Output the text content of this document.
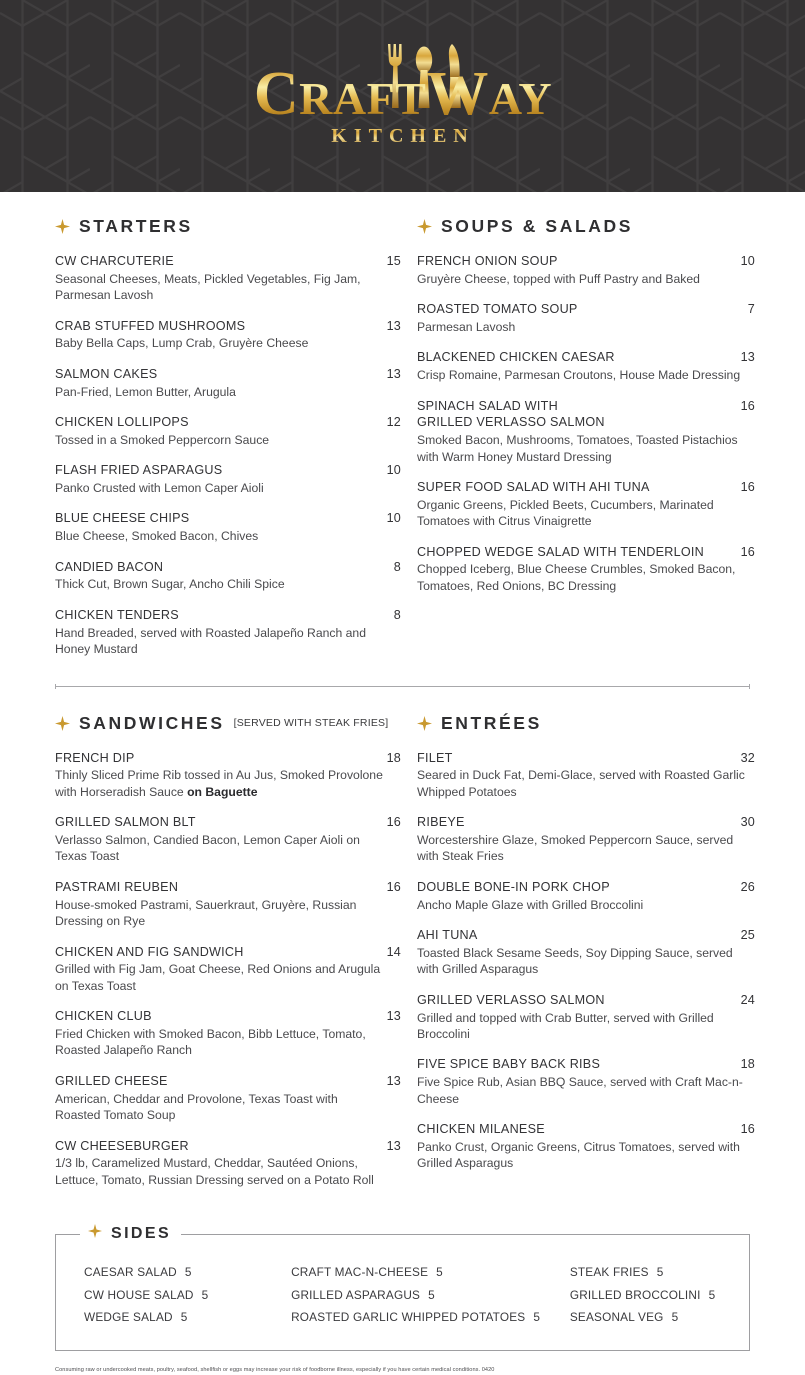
CRAFTWAY
KITCHEN
STARTERS
CW CHARCUTERIE	15
Seasonal Cheeses, Meats, Pickled Vegetables, Fig Jam, Parmesan Lavosh
CRAB STUFFED MUSHROOMS	13
Baby Bella Caps, Lump Crab, Gruyère Cheese
SALMON CAKES	13
Pan-Fried, Lemon Butter, Arugula
CHICKEN LOLLIPOPS	12
Tossed in a Smoked Peppercorn Sauce
FLASH FRIED ASPARAGUS	10
Panko Crusted with Lemon Caper Aioli
BLUE CHEESE CHIPS	10
Blue Cheese, Smoked Bacon, Chives
CANDIED BACON	8
Thick Cut, Brown Sugar, Ancho Chili Spice
CHICKEN TENDERS	8
Hand Breaded, served with Roasted Jalapeño Ranch and Honey Mustard
SOUPS & SALADS
FRENCH ONION SOUP	10
Gruyère Cheese, topped with Puff Pastry and Baked
ROASTED TOMATO SOUP	7
Parmesan Lavosh
BLACKENED CHICKEN CAESAR	13
Crisp Romaine, Parmesan Croutons, House Made Dressing
SPINACH SALAD WITH	16
GRILLED VERLASSO SALMON
Smoked Bacon, Mushrooms, Tomatoes, Toasted Pistachios with Warm Honey Mustard Dressing
SUPER FOOD SALAD WITH AHI TUNA	16
Organic Greens, Pickled Beets, Cucumbers, Marinated Tomatoes with Citrus Vinaigrette
CHOPPED WEDGE SALAD WITH TENDERLOIN	16
Chopped Iceberg, Blue Cheese Crumbles, Smoked Bacon, Tomatoes, Red Onions, BC Dressing
SANDWICHES [SERVED WITH STEAK FRIES]
FRENCH DIP	18
Thinly Sliced Prime Rib tossed in Au Jus, Smoked Provolone with Horseradish Sauce on Baguette
GRILLED SALMON BLT	16
Verlasso Salmon, Candied Bacon, Lemon Caper Aioli on Texas Toast
PASTRAMI REUBEN	16
House-smoked Pastrami, Sauerkraut, Gruyère, Russian Dressing on Rye
CHICKEN AND FIG SANDWICH	14
Grilled with Fig Jam, Goat Cheese, Red Onions and Arugula on Texas Toast
CHICKEN CLUB	13
Fried Chicken with Smoked Bacon, Bibb Lettuce, Tomato, Roasted Jalapeño Ranch
GRILLED CHEESE	13
American, Cheddar and Provolone, Texas Toast with Roasted Tomato Soup
CW CHEESEBURGER	13
1/3 lb, Caramelized Mustard, Cheddar, Sautéed Onions, Lettuce, Tomato, Russian Dressing served on a Potato Roll
ENTRÉES
FILET	32
Seared in Duck Fat, Demi-Glace, served with Roasted Garlic Whipped Potatoes
RIBEYE	30
Worcestershire Glaze, Smoked Peppercorn Sauce, served with Steak Fries
DOUBLE BONE-IN PORK CHOP	26
Ancho Maple Glaze with Grilled Broccolini
AHI TUNA	25
Toasted Black Sesame Seeds, Soy Dipping Sauce, served with Grilled Asparagus
GRILLED VERLASSO SALMON	24
Grilled and topped with Crab Butter, served with Grilled Broccolini
FIVE SPICE BABY BACK RIBS	18
Five Spice Rub, Asian BBQ Sauce, served with Craft Mac-n-Cheese
CHICKEN MILANESE	16
Panko Crust, Organic Greens, Citrus Tomatoes, served with Grilled Asparagus
SIDES
CAESAR SALAD 5
CW HOUSE SALAD 5
WEDGE SALAD 5
CRAFT MAC-N-CHEESE 5
GRILLED ASPARAGUS 5
ROASTED GARLIC WHIPPED POTATOES 5
STEAK FRIES 5
GRILLED BROCCOLINI 5
SEASONAL VEG 5
Consuming raw or undercooked meats, poultry, seafood, shellfish or eggs may increase your risk of foodborne illness, especially if you have certain medical conditions. 0420
